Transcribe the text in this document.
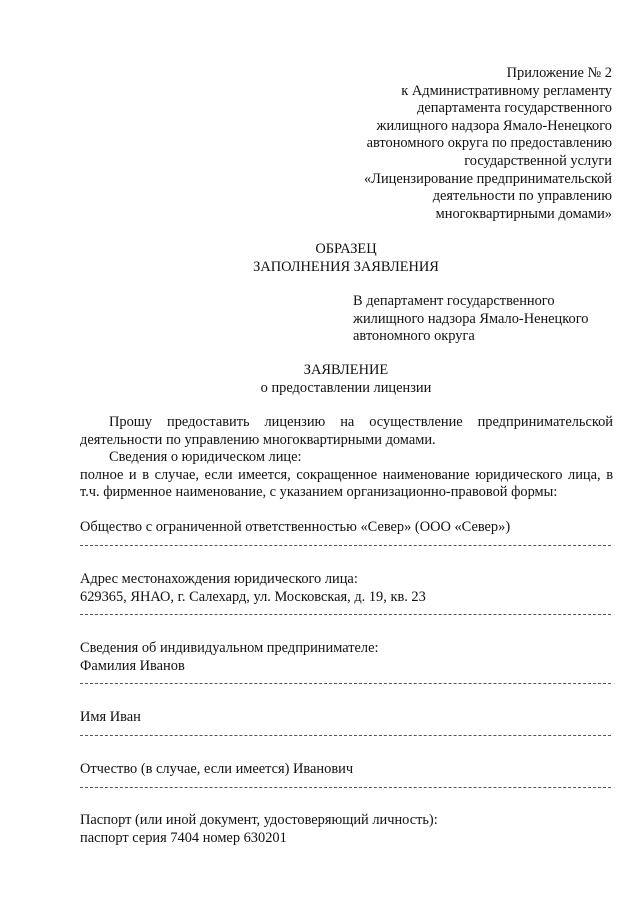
Приложение № 2
к Административному регламенту
департамента государственного
жилищного надзора Ямало-Ненецкого
автономного округа по предоставлению
государственной услуги
«Лицензирование предпринимательской
деятельности по управлению
многоквартирными домами»
ОБРАЗЕЦ
ЗАПОЛНЕНИЯ ЗАЯВЛЕНИЯ
В департамент государственного
жилищного надзора Ямало-Ненецкого
автономного округа
ЗАЯВЛЕНИЕ
о предоставлении лицензии
Прошу предоставить лицензию на осуществление предпринимательской
деятельности по управлению многоквартирными домами.
Сведения о юридическом лице:
полное и в случае, если имеется, сокращенное наименование юридического лица, в
т.ч. фирменное наименование, с указанием организационно-правовой формы:
Общество с ограниченной ответственностью «Север» (ООО «Север»)
Адрес местонахождения юридического лица:
629365, ЯНАО, г. Салехард, ул. Московская, д. 19, кв. 23
Сведения об индивидуальном предпринимателе:
Фамилия Иванов
Имя Иван
Отчество (в случае, если имеется) Иванович
Паспорт (или иной документ, удостоверяющий личность):
паспорт серия 7404 номер 630201
